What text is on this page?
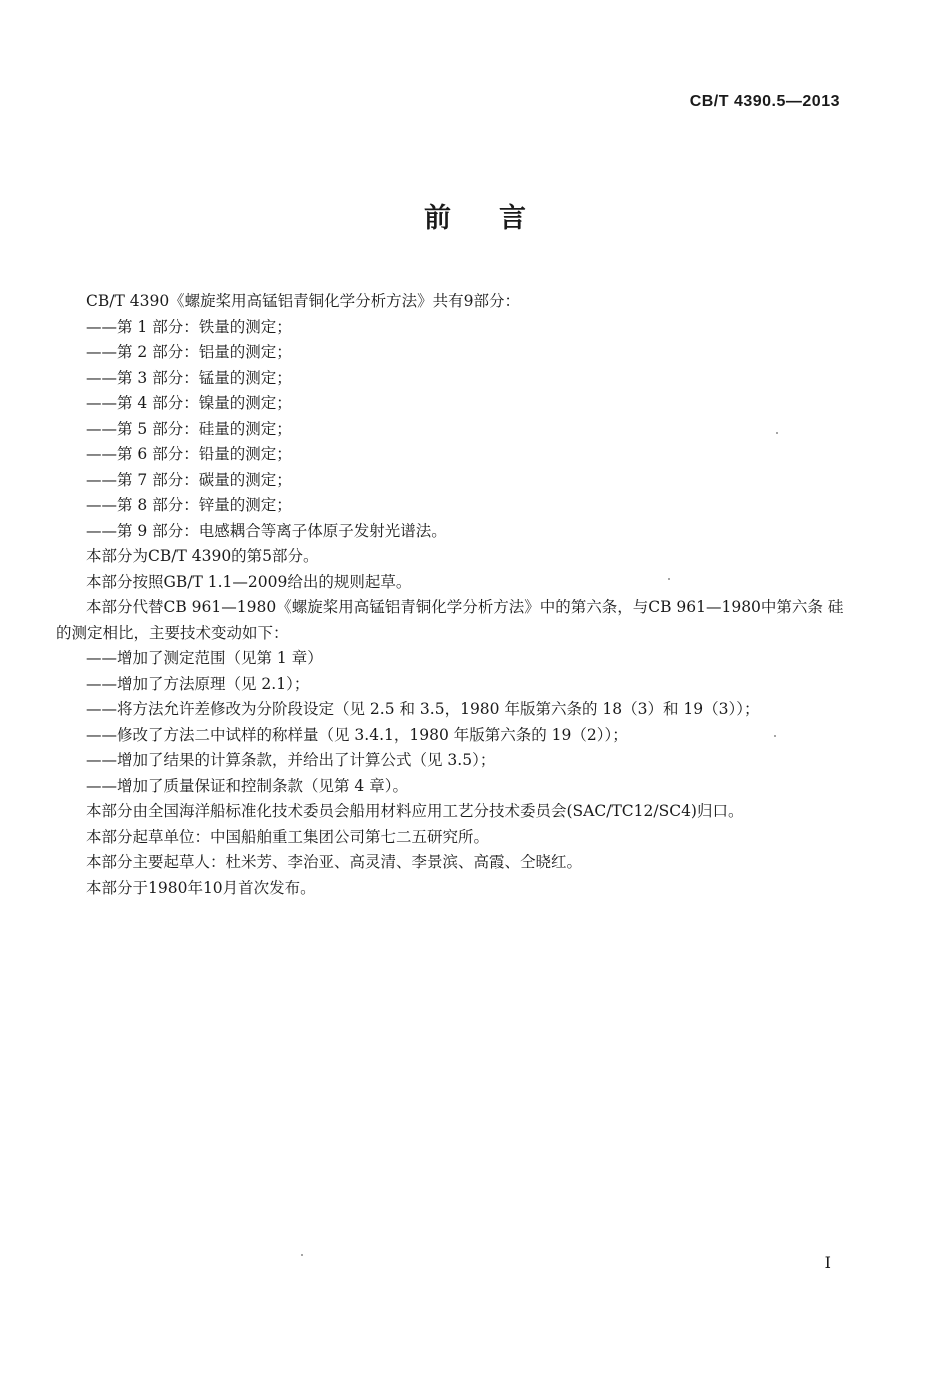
CB/T 4390.5—2013
前言

CB/T 4390《螺旋桨用高锰铝青铜化学分析方法》共有9部分：

——第 1 部分：铁量的测定；

——第 2 部分：铝量的测定；

——第 3 部分：锰量的测定；

——第 4 部分：镍量的测定；

——第 5 部分：硅量的测定；

——第 6 部分：铅量的测定；

——第 7 部分：碳量的测定；

——第 8 部分：锌量的测定；

——第 9 部分：电感耦合等离子体原子发射光谱法。

本部分为CB/T 4390的第5部分。

本部分按照GB/T 1.1—2009给出的规则起草。

本部分代替CB 961—1980《螺旋桨用高锰铝青铜化学分析方法》中的第六条，与CB 961—1980中第六条 硅的测定相比，主要技术变动如下：

——增加了测定范围（见第 1 章）

——增加了方法原理（见 2.1）；

——将方法允许差修改为分阶段设定（见 2.5 和 3.5，1980 年版第六条的 18（3）和 19（3））；

——修改了方法二中试样的称样量（见 3.4.1，1980 年版第六条的 19（2））；

——增加了结果的计算条款，并给出了计算公式（见 3.5）；

——增加了质量保证和控制条款（见第 4 章）。

本部分由全国海洋船标准化技术委员会船用材料应用工艺分技术委员会(SAC/TC12/SC4)归口。

本部分起草单位：中国船舶重工集团公司第七二五研究所。

本部分主要起草人：杜米芳、李治亚、高灵清、李景滨、高霞、仝晓红。

本部分于1980年10月首次发布。

I
